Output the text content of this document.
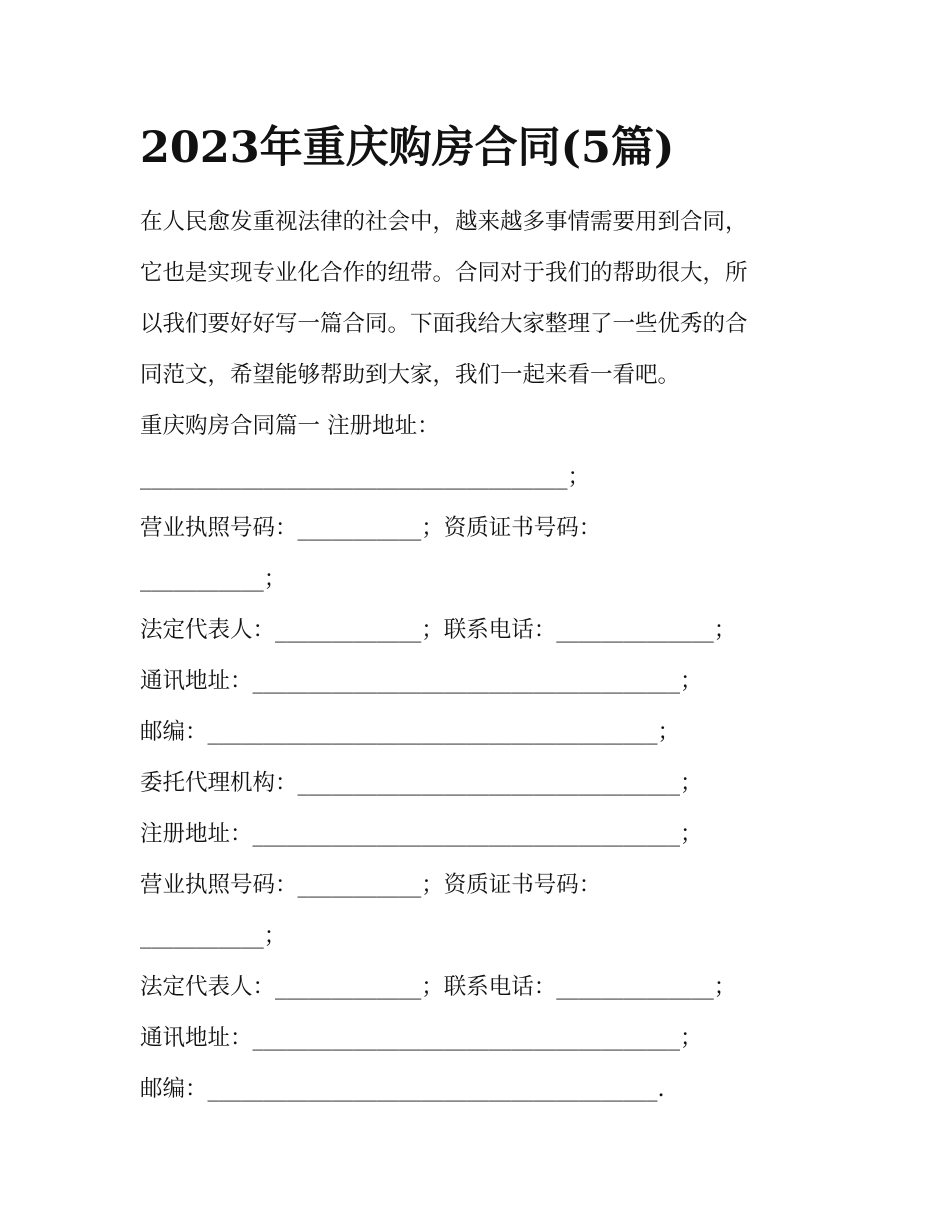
2023年重庆购房合同(5篇)
在人民愈发重视法律的社会中，越来越多事情需要用到合同，
它也是实现专业化合作的纽带。合同对于我们的帮助很大，所
以我们要好好写一篇合同。下面我给大家整理了一些优秀的合
同范文，希望能够帮助到大家，我们一起来看一看吧。
重庆购房合同篇一 注册地址：
______________________________________；
营业执照号码：___________；资质证书号码：
___________；
法定代表人：_____________；联系电话：______________；
通讯地址：______________________________________；
邮编：________________________________________；
委托代理机构：__________________________________；
注册地址：______________________________________；
营业执照号码：___________；资质证书号码：
___________；
法定代表人：_____________；联系电话：______________；
通讯地址：______________________________________；
邮编：________________________________________.
